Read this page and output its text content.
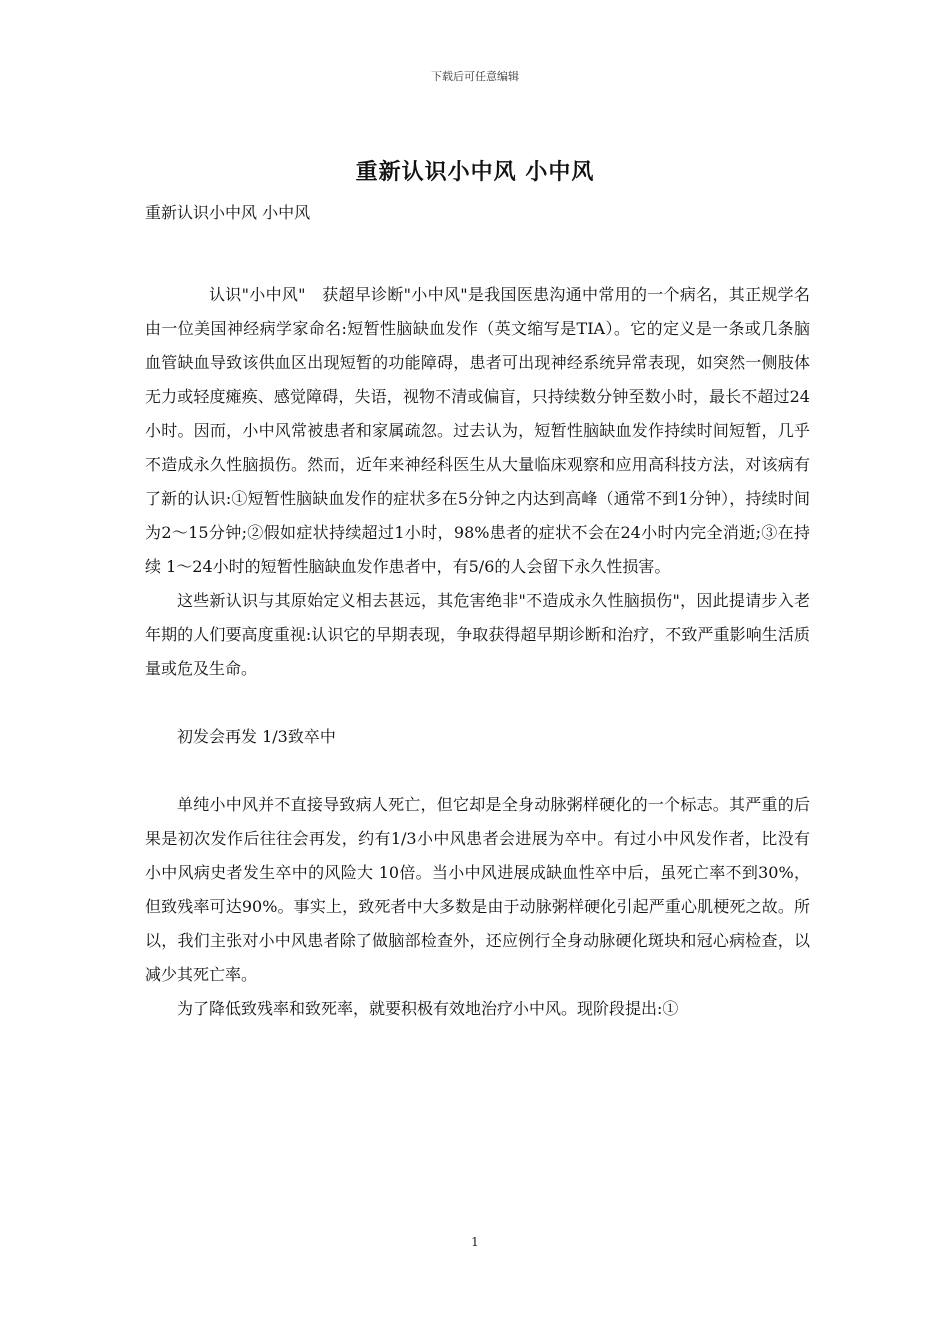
下载后可任意编辑
重新认识小中风 小中风

重新认识小中风 小中风

认识"小中风"　获超早诊断"小中风"是我国医患沟通中常用的一个病名，其正规学名由一位美国神经病学家命名:短暂性脑缺血发作（英文缩写是TIA）。它的定义是一条或几条脑血管缺血导致该供血区出现短暂的功能障碍，患者可出现神经系统异常表现，如突然一侧肢体无力或轻度瘫痪、感觉障碍，失语，视物不清或偏盲，只持续数分钟至数小时，最长不超过24小时。因而，小中风常被患者和家属疏忽。过去认为，短暂性脑缺血发作持续时间短暂，几乎不造成永久性脑损伤。然而，近年来神经科医生从大量临床观察和应用高科技方法，对该病有了新的认识:①短暂性脑缺血发作的症状多在5分钟之内达到高峰（通常不到1分钟），持续时间为2～15分钟;②假如症状持续超过1小时，98%患者的症状不会在24小时内完全消逝;③在持续 1～24小时的短暂性脑缺血发作患者中，有5/6的人会留下永久性损害。

这些新认识与其原始定义相去甚远，其危害绝非"不造成永久性脑损伤"，因此提请步入老年期的人们要高度重视:认识它的早期表现，争取获得超早期诊断和治疗，不致严重影响生活质量或危及生命。

初发会再发 1/3致卒中

单纯小中风并不直接导致病人死亡，但它却是全身动脉粥样硬化的一个标志。其严重的后果是初次发作后往往会再发，约有1/3小中风患者会进展为卒中。有过小中风发作者，比没有小中风病史者发生卒中的风险大 10倍。当小中风进展成缺血性卒中后，虽死亡率不到30%，但致残率可达90%。事实上，致死者中大多数是由于动脉粥样硬化引起严重心肌梗死之故。所以，我们主张对小中风患者除了做脑部检查外，还应例行全身动脉硬化斑块和冠心病检查，以减少其死亡率。

为了降低致残率和致死率，就要积极有效地治疗小中风。现阶段提出:①

1
